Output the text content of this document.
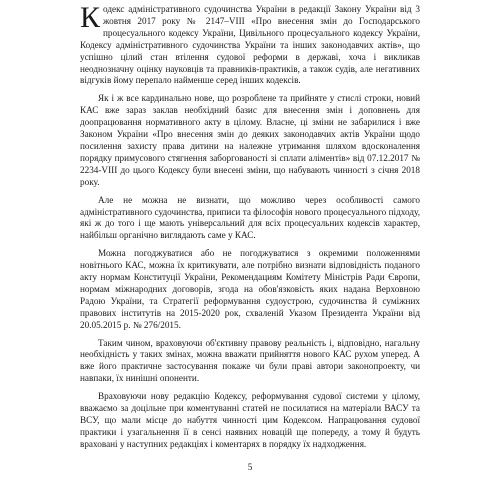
Кодекс адміністративного судочинства України в редакції Закону України від 3 жовтня 2017 року № 2147–VIII «Про внесення змін до Господарського процесуального кодексу України, Цивільного процесуального кодексу України, Кодексу адміністративного судочинства України та інших законодавчих актів», що успішно цілий стан втілення судової реформи в державі, хоча і викликав неоднозначну оцінку науковців та правників-практиків, а також судів, але негативних відгуків йому перепало найменше серед інших кодексів.

Як і ж все кардинально нове, що розроблене та прийняте у стислі строки, новий КАС вже зараз заклав необхідний базис для внесення змін і доповнень для доопрацювання нормативного акту в цілому. Власне, ці зміни не забарилися і вже Законом України «Про внесення змін до деяких законодавчих актів України щодо посилення захисту права дитини на належне утримання шляхом вдосконалення порядку примусового стягнення заборгованості зі сплати аліментів» від 07.12.2017 № 2234-VIII до цього Кодексу були внесені зміни, що набувають чинності з січня 2018 року.

Але не можна не визнати, що можливо через особливості самого адміністративного судочинства, приписи та філософія нового процесуального підходу, які ж до того і ще мають універсальний для всіх процесуальних кодексів характер, найбільш органічно виглядають саме у КАС.

Можна погоджуватися або не погоджуватися з окремими положеннями новітнього КАС, можна їх критикувати, але потрібно визнати відповідність поданого акту нормам Конституції України, Рекомендациям Комітету Міністрів Ради Європи, нормам міжнародних договорів, згода на обов'язковість яких надана Верховною Радою України, та Стратегії реформування судоустрою, судочинства й суміжних правових інститутів на 2015-2020 рок, схваленій Указом Президента України від 20.05.2015 р. № 276/2015.

Таким чином, враховуючи об'єктивну правову реальність і, відповідно, нагальну необхідність у таких змінах, можна вважати прийняття нового КАС рухом уперед. А вже його практичне застосування покаже чи були праві автори законопроекту, чи навпаки, їх нинішні опоненти.

Враховуючи нову редакцію Кодексу, реформування судової системи у цілому, вважаємо за доцільне при коментуванні статей не посилатися на матеріали ВАСУ та ВСУ, що мали місце до набуття чинності цим Кодексом. Напрацювання судової практики і узагальнення її в сенсі наявних новацій ще попереду, а тому й будуть враховані у наступних редакціях і коментарях в порядку їх надходження.

5
